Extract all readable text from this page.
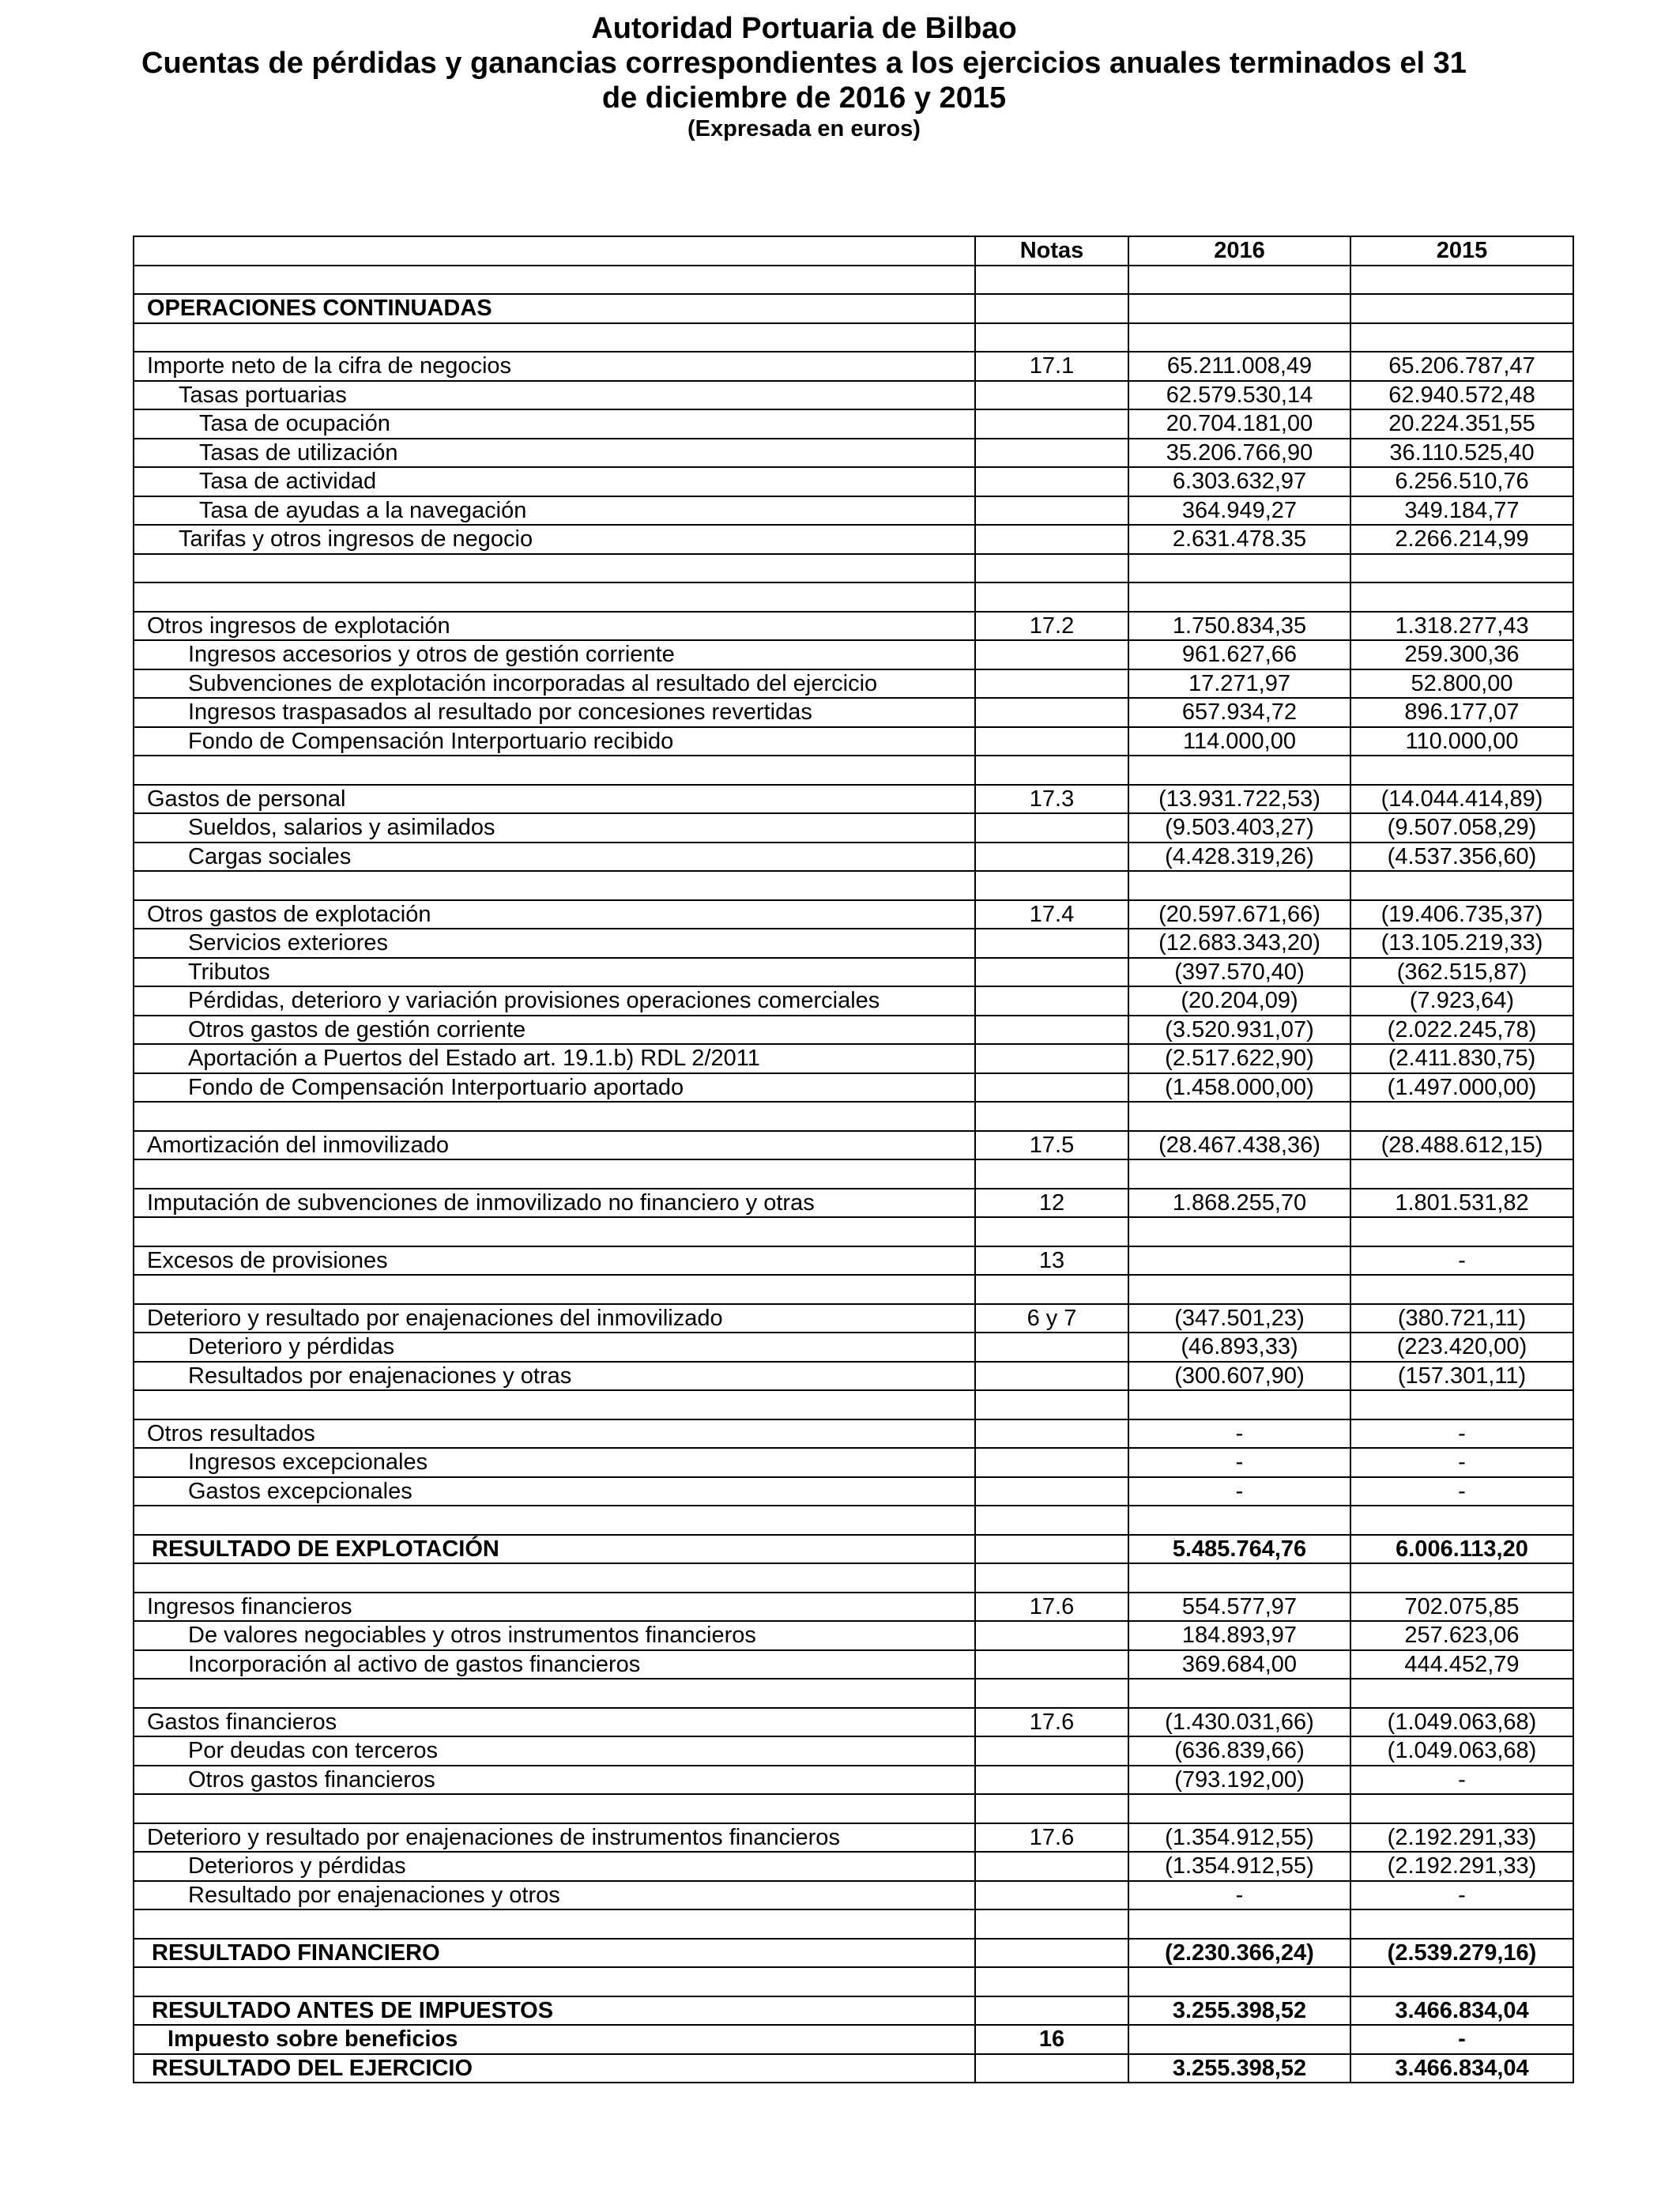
Autoridad Portuaria de Bilbao
Cuentas de pérdidas y ganancias correspondientes a los ejercicios anuales terminados el 31
de diciembre de 2016 y 2015
(Expresada en euros)
	Notas	2016	2015

OPERACIONES CONTINUADAS			

Importe neto de la cifra de negocios	17.1	65.211.008,49	65.206.787,47
Tasas portuarias		62.579.530,14	62.940.572,48
Tasa de ocupación		20.704.181,00	20.224.351,55
Tasas de utilización		35.206.766,90	36.110.525,40
Tasa de actividad		6.303.632,97	6.256.510,76
Tasa de ayudas a la navegación		364.949,27	349.184,77
Tarifas y otros ingresos de negocio		2.631.478.35	2.266.214,99

Otros ingresos de explotación	17.2	1.750.834,35	1.318.277,43
Ingresos accesorios y otros de gestión corriente		961.627,66	259.300,36
Subvenciones de explotación incorporadas al resultado del ejercicio		17.271,97	52.800,00
Ingresos traspasados al resultado por concesiones revertidas		657.934,72	896.177,07
Fondo de Compensación Interportuario recibido		114.000,00	110.000,00

Gastos de personal	17.3	(13.931.722,53)	(14.044.414,89)
Sueldos, salarios y asimilados		(9.503.403,27)	(9.507.058,29)
Cargas sociales		(4.428.319,26)	(4.537.356,60)

Otros gastos de explotación	17.4	(20.597.671,66)	(19.406.735,37)
Servicios exteriores		(12.683.343,20)	(13.105.219,33)
Tributos		(397.570,40)	(362.515,87)
Pérdidas, deterioro y variación provisiones operaciones comerciales		(20.204,09)	(7.923,64)
Otros gastos de gestión corriente		(3.520.931,07)	(2.022.245,78)
Aportación a Puertos del Estado art. 19.1.b) RDL 2/2011		(2.517.622,90)	(2.411.830,75)
Fondo de Compensación Interportuario aportado		(1.458.000,00)	(1.497.000,00)

Amortización del inmovilizado	17.5	(28.467.438,36)	(28.488.612,15)

Imputación de subvenciones de inmovilizado no financiero y otras	12	1.868.255,70	1.801.531,82

Excesos de provisiones	13		-

Deterioro y resultado por enajenaciones del inmovilizado	6 y 7	(347.501,23)	(380.721,11)
Deterioro y pérdidas		(46.893,33)	(223.420,00)
Resultados por enajenaciones y otras		(300.607,90)	(157.301,11)

Otros resultados		-	-
Ingresos excepcionales		-	-
Gastos excepcionales		-	-

RESULTADO DE EXPLOTACIÓN		5.485.764,76	6.006.113,20

Ingresos financieros	17.6	554.577,97	702.075,85
De valores negociables y otros instrumentos financieros		184.893,97	257.623,06
Incorporación al activo de gastos financieros		369.684,00	444.452,79

Gastos financieros	17.6	(1.430.031,66)	(1.049.063,68)
Por deudas con terceros		(636.839,66)	(1.049.063,68)
Otros gastos financieros		(793.192,00)	-

Deterioro y resultado por enajenaciones de instrumentos financieros	17.6	(1.354.912,55)	(2.192.291,33)
Deterioros y pérdidas		(1.354.912,55)	(2.192.291,33)
Resultado por enajenaciones y otros		-	-

RESULTADO FINANCIERO		(2.230.366,24)	(2.539.279,16)

RESULTADO ANTES DE IMPUESTOS		3.255.398,52	3.466.834,04
Impuesto sobre beneficios	16		-
RESULTADO DEL EJERCICIO		3.255.398,52	3.466.834,04
